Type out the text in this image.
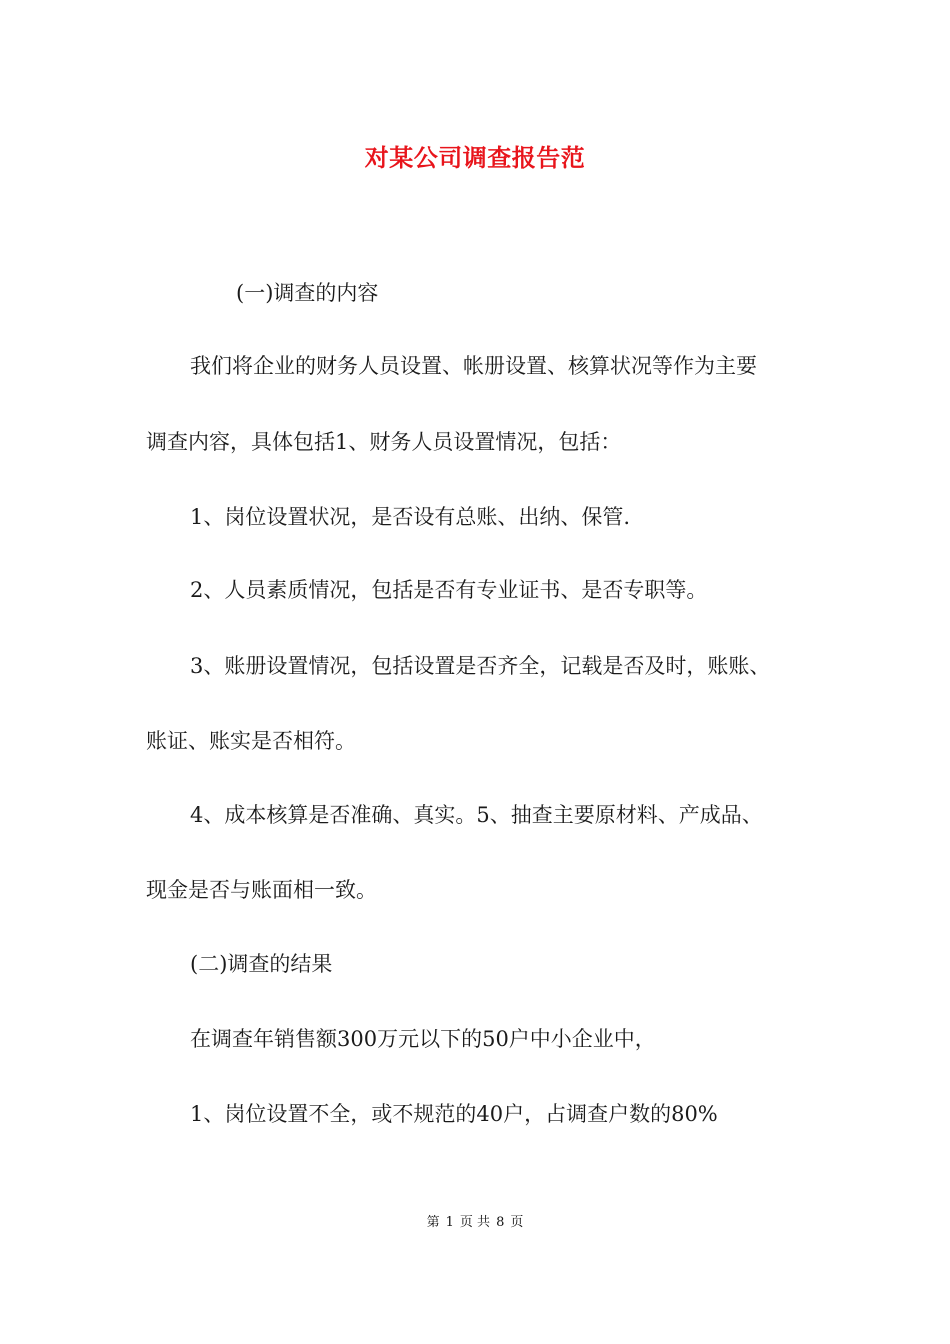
对某公司调查报告范
(一)调查的内容
我们将企业的财务人员设置、帐册设置、核算状况等作为主要
调查内容，具体包括1、财务人员设置情况，包括：
1、岗位设置状况，是否设有总账、出纳、保管.
2、人员素质情况，包括是否有专业证书、是否专职等。
3、账册设置情况，包括设置是否齐全，记载是否及时，账账、
账证、账实是否相符。
4、成本核算是否准确、真实。5、抽查主要原材料、产成品、
现金是否与账面相一致。
(二)调查的结果
在调查年销售额300万元以下的50户中小企业中，
1、岗位设置不全，或不规范的40户，占调查户数的80%
第 1 页 共 8 页
